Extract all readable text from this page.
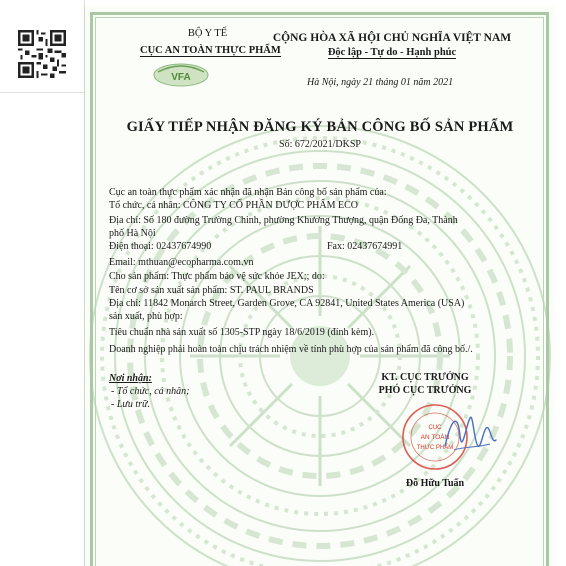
BỘ Y TẾ
CỤC AN TOÀN THỰC PHẨM
VFA
CỘNG HÒA XÃ HỘI CHỦ NGHĨA VIỆT NAM
Độc lập - Tự do - Hạnh phúc
Hà Nội, ngày 21 tháng 01 năm 2021
GIẤY TIẾP NHẬN ĐĂNG KÝ BẢN CÔNG BỐ SẢN PHẨM
Số: 672/2021/DKSP
Cục an toàn thực phẩm xác nhận đã nhận Bản công bố sản phẩm của:
Tổ chức, cá nhân: CÔNG TY CỔ PHẦN DƯỢC PHẨM ECO
Địa chỉ: Số 180 đường Trường Chinh, phường Khương Thượng, quận Đống Đa, Thành
phố Hà Nội
Điện thoại: 02437674990	Fax: 02437674991
Email: mthuan@ecopharma.com.vn
Cho sản phẩm: Thực phẩm bảo vệ sức khỏe JEX;; do:
Tên cơ sở sản xuất sản phẩm: ST. PAUL BRANDS
Địa chỉ: 11842 Monarch Street, Garden Grove, CA 92841, United States America (USA)
sản xuất, phù hợp:
Tiêu chuẩn nhà sản xuất số 1305-STP ngày 18/6/2019 (đính kèm).
Doanh nghiệp phải hoàn toàn chịu trách nhiệm về tính phù hợp của sản phẩm đã công bố./.
Nơi nhận:
- Tổ chức, cá nhân;
- Lưu trữ.
KT. CỤC TRƯỞNG
PHÓ CỤC TRƯỞNG
CỤC
AN TOÀN
THỰC PHẨM
Đỗ Hữu Tuấn
